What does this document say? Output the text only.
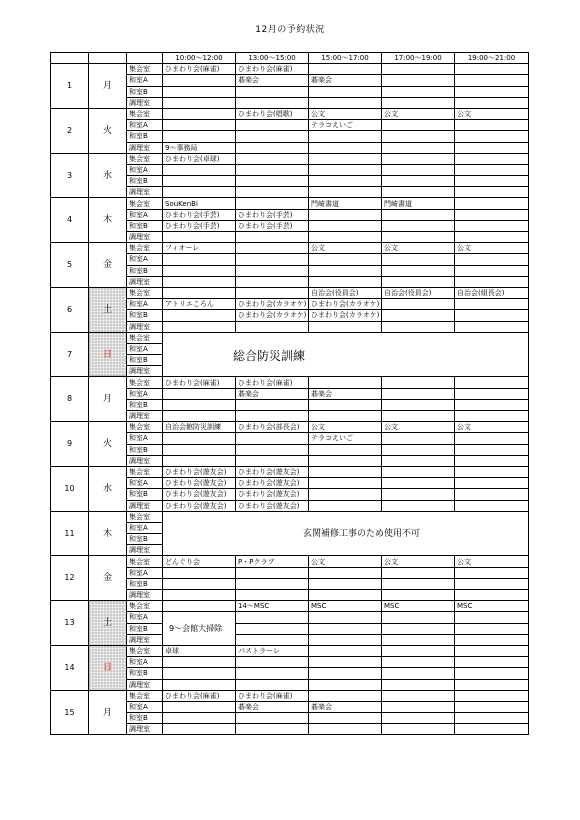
12月の予約状況
			10:00～12:00	13:00～15:00	15:00～17:00	17:00～19:00	19:00～21:00
1	月	集会室	ひまわり会(麻雀)	ひまわり会(麻雀)			
		和室A		碁楽会	碁楽会		
		和室B					
		調理室					
2	火	集会室		ひまわり会(唱歌)	公文	公文	公文
		和室A			テラコえいご		
		和室B					
		調理室	9～事務局				
3	水	集会室	ひまわり会(卓球)				
		和室A					
		和室B					
		調理室					
4	木	集会室	SouKenBi		門崎書道	門崎書道	
		和室A	ひまわり会(手芸)	ひまわり会(手芸)			
		和室B	ひまわり会(手芸)	ひまわり会(手芸)			
		調理室					
5	金	集会室	フィオーレ		公文	公文	公文
		和室A					
		和室B					
		調理室					
6	土	集会室			自治会(役員会)	自治会(役員会)	自治会(組長会)
		和室A	アトリエころん	ひまわり会(カラオケ)	ひまわり会(カラオケ)		
		和室B		ひまわり会(カラオケ)	ひまわり会(カラオケ)		
		調理室					
7	日	集会室	総合防災訓練				
		和室A					
		和室B					
		調理室					
8	月	集会室	ひまわり会(麻雀)	ひまわり会(麻雀)			
		和室A		碁楽会	碁楽会		
		和室B					
		調理室					
9	火	集会室	自治会館防災訓練	ひまわり会(部長会)	公文	公文	公文
		和室A			テラコえいご		
		和室B					
		調理室					
10	水	集会室	ひまわり会(遊友会)	ひまわり会(遊友会)			
		和室A	ひまわり会(遊友会)	ひまわり会(遊友会)			
		和室B	ひまわり会(遊友会)	ひまわり会(遊友会)			
		調理室	ひまわり会(遊友会)	ひまわり会(遊友会)			
11	木	集会室	玄関補修工事のため使用不可				
		和室A					
		和室B					
		調理室					
12	金	集会室	どんぐり会	P・Pクラブ	公文	公文	公文
		和室A					
		和室B					
		調理室					
13	土	集会室		14～MSC	MSC	MSC	MSC
		和室A	9～会館大掃除				
		和室B					
		調理室					
14	日	集会室	卓球	パストラーレ			
		和室A					
		和室B					
		調理室					
15	月	集会室	ひまわり会(麻雀)	ひまわり会(麻雀)			
		和室A		碁楽会	碁楽会		
		和室B					
		調理室					
